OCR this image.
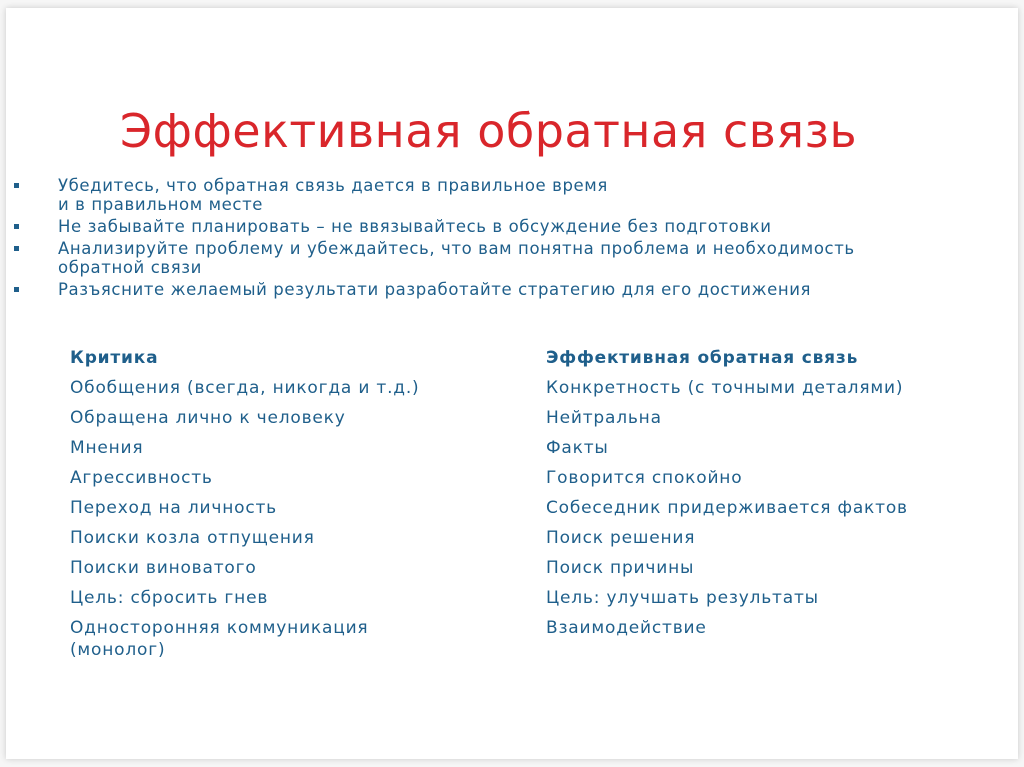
Эффективная обратная связь
Убедитесь, что обратная связь дается в правильное время
и в правильном месте
Не забывайте планировать – не ввязывайтесь в обсуждение без подготовки
Анализируйте проблему и убеждайтесь, что вам понятна проблема и необходимость
обратной связи
Разъясните желаемый результати разработайте стратегию для его достижения
Критика
Обобщения (всегда, никогда и т.д.)
Обращена лично к человеку
Мнения
Агрессивность
Переход на личность
Поиски козла отпущения
Поиски виноватого
Цель: сбросить гнев
Односторонняя коммуникация
(монолог)
Эффективная обратная связь
Конкретность (с точными деталями)
Нейтральна
Факты
Говорится спокойно
Собеседник придерживается фактов
Поиск решения
Поиск причины
Цель: улучшать результаты
Взаимодействие
